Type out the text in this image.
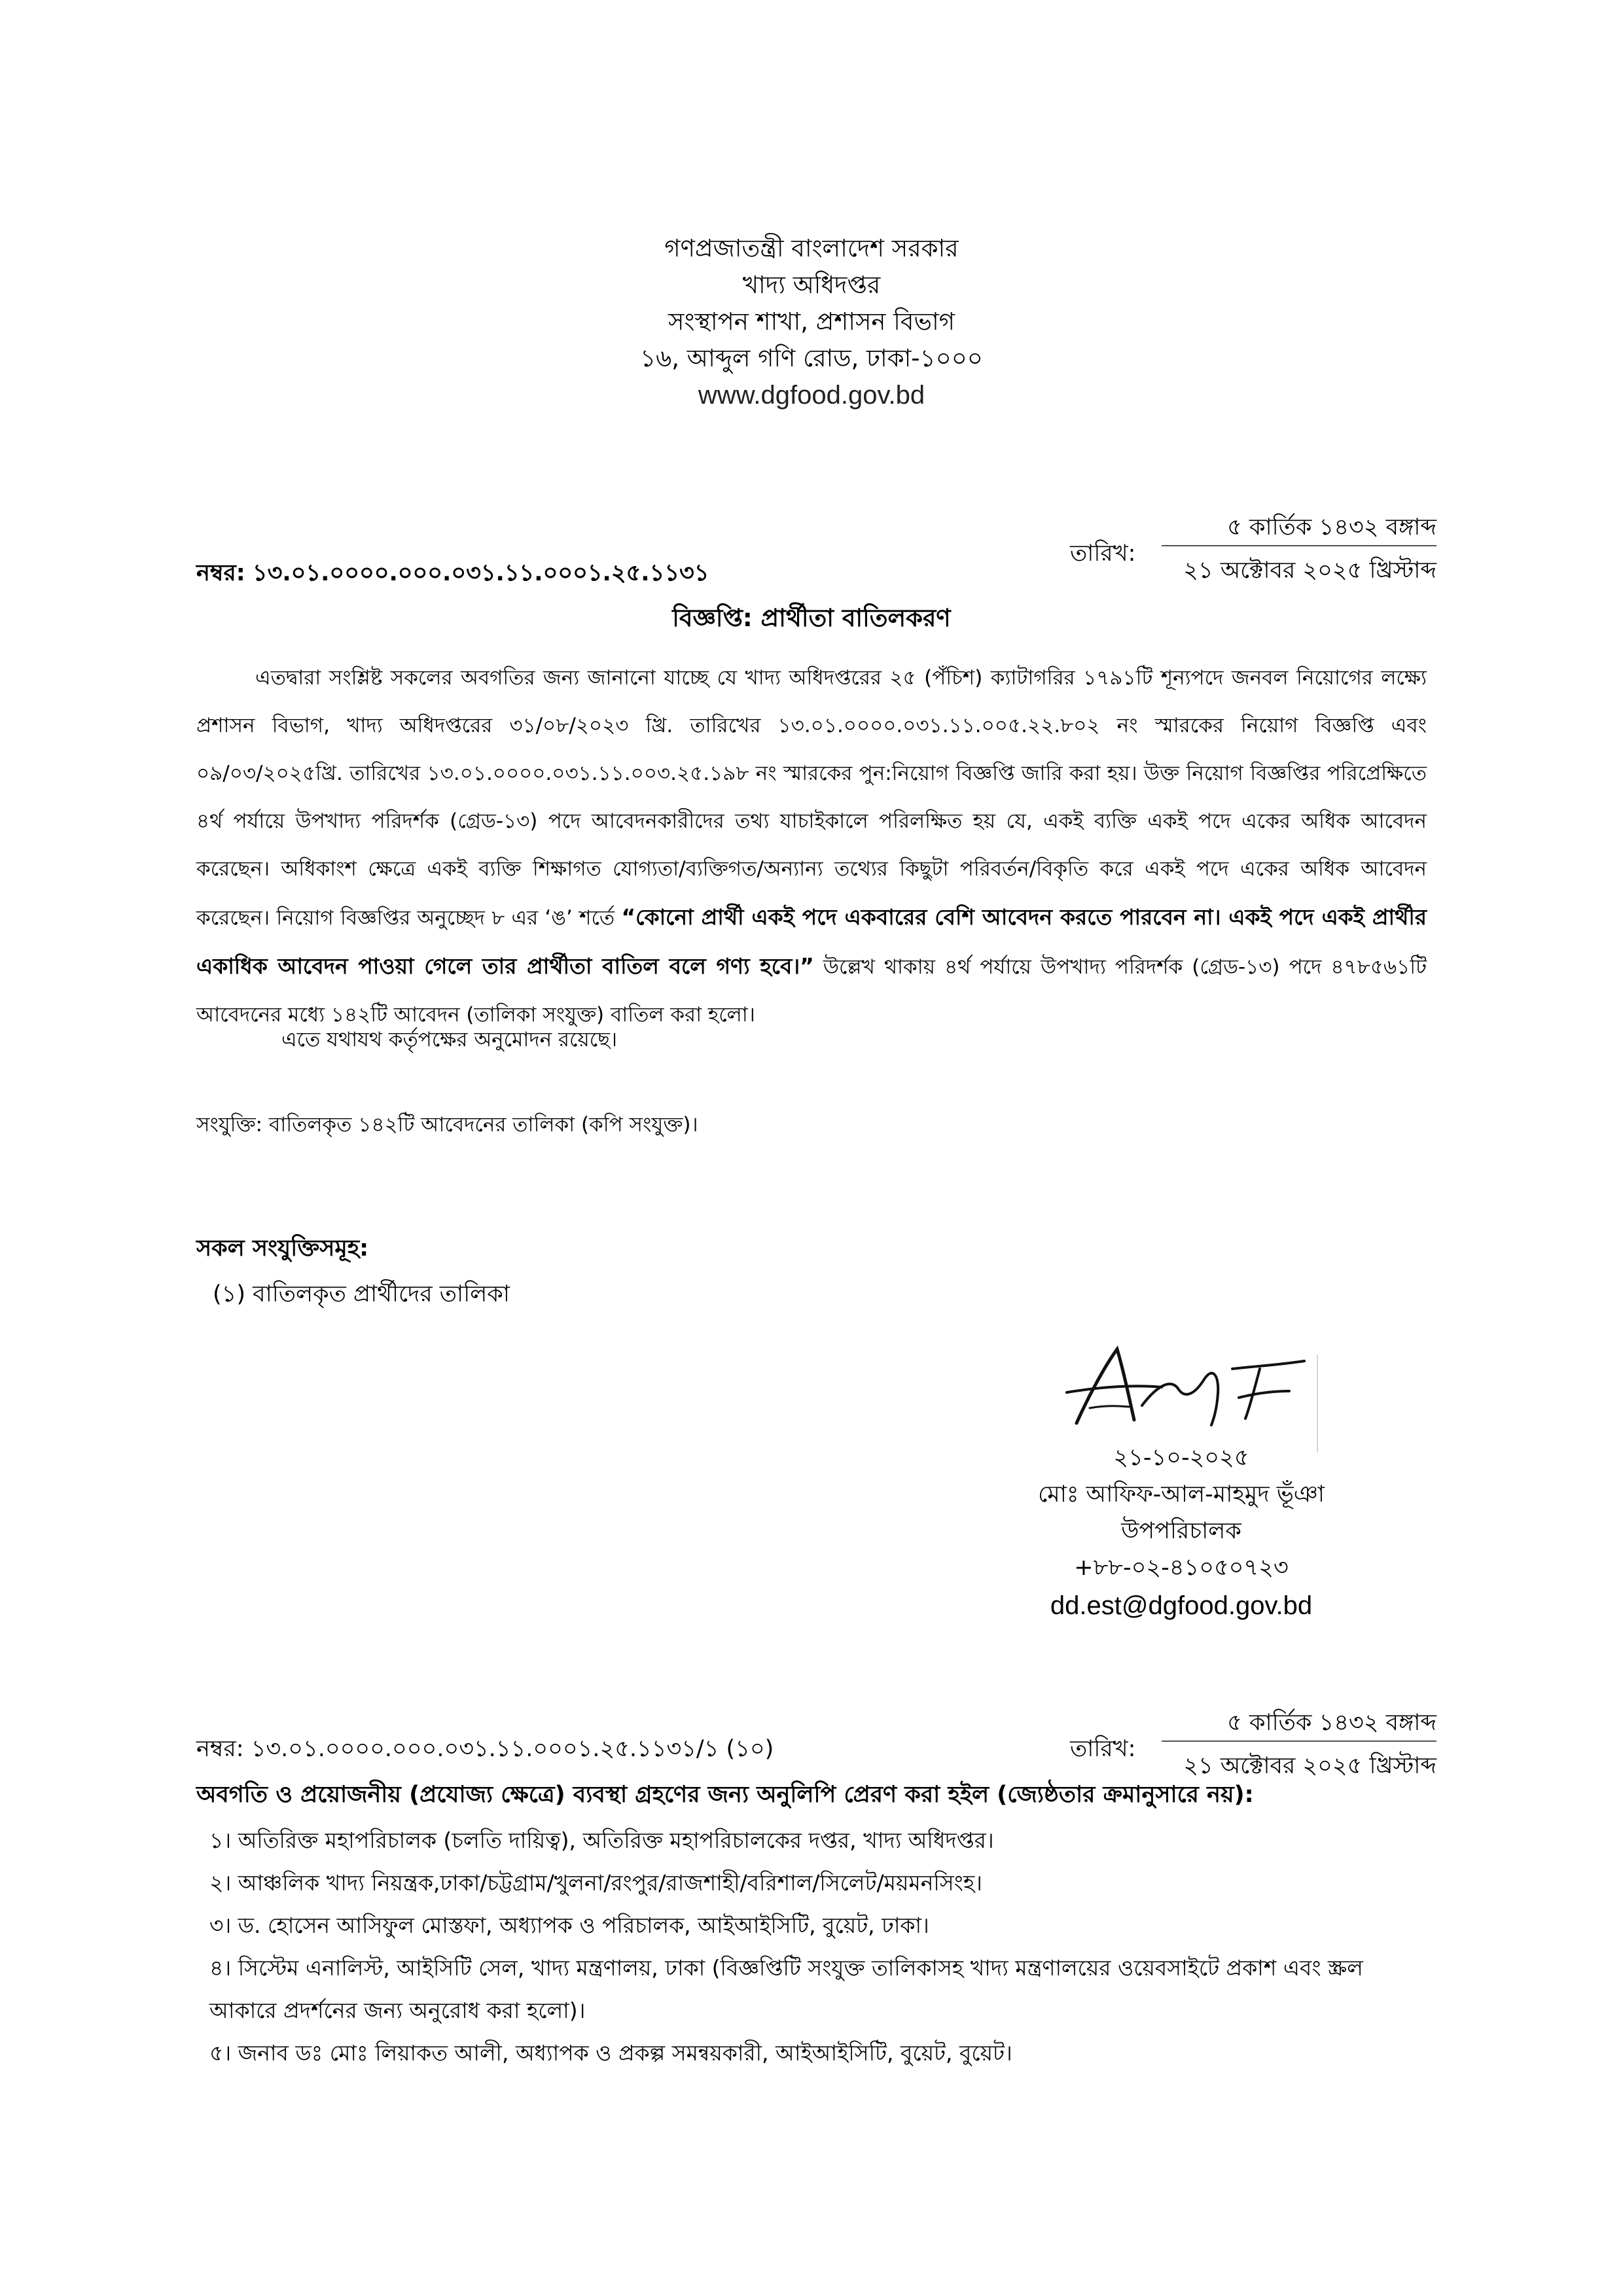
গণপ্রজাতন্ত্রী বাংলাদেশ সরকার
খাদ্য অধিদপ্তর
সংস্থাপন শাখা, প্রশাসন বিভাগ
১৬, আব্দুল গণি রোড, ঢাকা-১০০০
www.dgfood.gov.bd
নম্বর: ১৩.০১.০০০০.০০০.০৩১.১১.০০০১.২৫.১১৩১
তারিখ:
৫ কার্তিক ১৪৩২ বঙ্গাব্দ
২১ অক্টোবর ২০২৫ খ্রিস্টাব্দ
বিজ্ঞপ্তি: প্রার্থীতা বাতিলকরণ
এতদ্বারা সংশ্লিষ্ট সকলের অবগতির জন্য জানানো যাচ্ছে যে খাদ্য অধিদপ্তরের ২৫ (পঁচিশ) ক্যাটাগরির ১৭৯১টি শূন্যপদে জনবল নিয়োগের লক্ষ্যে প্রশাসন বিভাগ, খাদ্য অধিদপ্তরের ৩১/০৮/২০২৩ খ্রি. তারিখের ১৩.০১.০০০০.০৩১.১১.০০৫.২২.৮০২ নং স্মারকের নিয়োগ বিজ্ঞপ্তি এবং ০৯/০৩/২০২৫খ্রি. তারিখের ১৩.০১.০০০০.০৩১.১১.০০৩.২৫.১৯৮ নং স্মারকের পুন:নিয়োগ বিজ্ঞপ্তি জারি করা হয়। উক্ত নিয়োগ বিজ্ঞপ্তির পরিপ্রেক্ষিতে ৪র্থ পর্যায়ে উপখাদ্য পরিদর্শক (গ্রেড-১৩) পদে আবেদনকারীদের তথ্য যাচাইকালে পরিলক্ষিত হয় যে, একই ব্যক্তি একই পদে একের অধিক আবেদন করেছেন। অধিকাংশ ক্ষেত্রে একই ব্যক্তি শিক্ষাগত যোগ্যতা/ব্যক্তিগত/অন্যান্য তথ্যের কিছুটা পরিবর্তন/বিকৃতি করে একই পদে একের অধিক আবেদন করেছেন। নিয়োগ বিজ্ঞপ্তির অনুচ্ছেদ ৮ এর ‘ঙ’ শর্তে “কোনো প্রার্থী একই পদে একবারের বেশি আবেদন করতে পারবেন না। একই পদে একই প্রার্থীর একাধিক আবেদন পাওয়া গেলে তার প্রার্থীতা বাতিল বলে গণ্য হবে।” উল্লেখ থাকায় ৪র্থ পর্যায়ে উপখাদ্য পরিদর্শক (গ্রেড-১৩) পদে ৪৭৮৫৬১টি আবেদনের মধ্যে ১৪২টি আবেদন (তালিকা সংযুক্ত) বাতিল করা হলো।
এতে যথাযথ কর্তৃপক্ষের অনুমোদন রয়েছে।
সংযুক্তি: বাতিলকৃত ১৪২টি আবেদনের তালিকা (কপি সংযুক্ত)।
সকল সংযুক্তিসমূহ:
(১) বাতিলকৃত প্রার্থীদের তালিকা
২১-১০-২০২৫
মোঃ আফিফ-আল-মাহমুদ ভূঁঞা
উপপরিচালক
+৮৮-০২-৪১০৫০৭২৩
dd.est@dgfood.gov.bd
নম্বর: ১৩.০১.০০০০.০০০.০৩১.১১.০০০১.২৫.১১৩১/১ (১০)	তারিখ:
৫ কার্তিক ১৪৩২ বঙ্গাব্দ
২১ অক্টোবর ২০২৫ খ্রিস্টাব্দ
অবগতি ও প্রয়োজনীয় (প্রযোজ্য ক্ষেত্রে) ব্যবস্থা গ্রহণের জন্য অনুলিপি প্রেরণ করা হইল (জ্যেষ্ঠতার ক্রমানুসারে নয়):
১। অতিরিক্ত মহাপরিচালক (চলতি দায়িত্ব), অতিরিক্ত মহাপরিচালকের দপ্তর, খাদ্য অধিদপ্তর।
২। আঞ্চলিক খাদ্য নিয়ন্ত্রক,ঢাকা/চট্টগ্রাম/খুলনা/রংপুর/রাজশাহী/বরিশাল/সিলেট/ময়মনসিংহ।
৩। ড. হোসেন আসিফুল মোস্তফা, অধ্যাপক ও পরিচালক, আইআইসিটি, বুয়েট, ঢাকা।
৪। সিস্টেম এনালিস্ট, আইসিটি সেল, খাদ্য মন্ত্রণালয়, ঢাকা (বিজ্ঞপ্তিটি সংযুক্ত তালিকাসহ খাদ্য মন্ত্রণালয়ের ওয়েবসাইটে প্রকাশ এবং স্ক্রল আকারে প্রদর্শনের জন্য অনুরোধ করা হলো)।
৫। জনাব ডঃ মোঃ লিয়াকত আলী, অধ্যাপক ও প্রকল্প সমন্বয়কারী, আইআইসিটি, বুয়েট, বুয়েট।
